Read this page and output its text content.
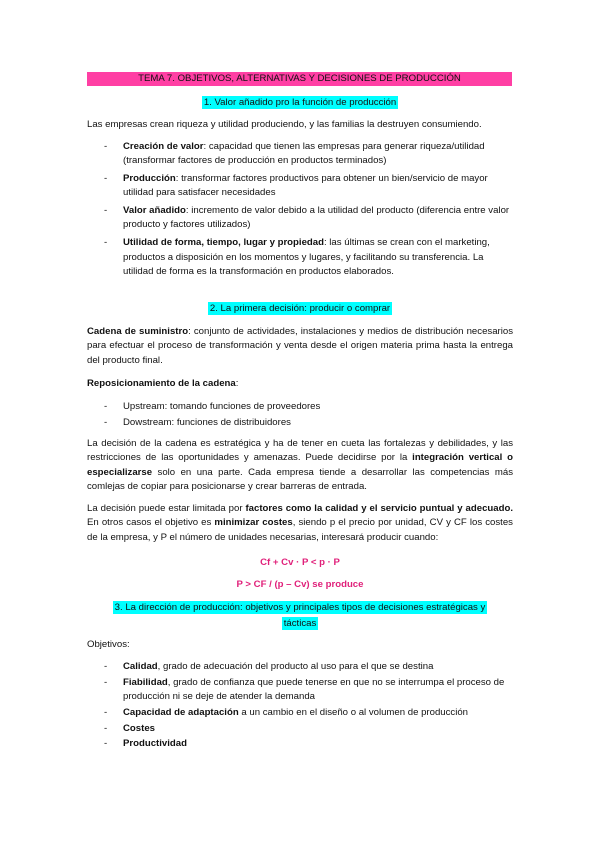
TEMA 7. OBJETIVOS, ALTERNATIVAS Y DECISIONES DE PRODUCCIÓN
1. Valor añadido pro la función de producción
Las empresas crean riqueza y utilidad produciendo, y las familias la destruyen consumiendo.
- Creación de valor: capacidad que tienen las empresas para generar riqueza/utilidad (transformar factores de producción en productos terminados)
- Producción: transformar factores productivos para obtener un bien/servicio de mayor utilidad para satisfacer necesidades
- Valor añadido: incremento de valor debido a la utilidad del producto (diferencia entre valor producto y factores utilizados)
- Utilidad de forma, tiempo, lugar y propiedad: las últimas se crean con el marketing, productos a disposición en los momentos y lugares, y facilitando su transferencia. La utilidad de forma es la transformación en productos elaborados.
2. La primera decisión: producir o comprar
Cadena de suministro: conjunto de actividades, instalaciones y medios de distribución necesarios para efectuar el proceso de transformación y venta desde el origen materia prima hasta la entrega del producto final.
Reposicionamiento de la cadena:
- Upstream: tomando funciones de proveedores
- Dowstream: funciones de distribuidores
La decisión de la cadena es estratégica y ha de tener en cueta las fortalezas y debilidades, y las restricciones de las oportunidades y amenazas. Puede decidirse por la integración vertical o especializarse solo en una parte. Cada empresa tiende a desarrollar las competencias más comlejas de copiar para posicionarse y crear barreras de entrada.
La decisión puede estar limitada por factores como la calidad y el servicio puntual y adecuado. En otros casos el objetivo es minimizar costes, siendo p el precio por unidad, CV y CF los costes de la empresa, y P el número de unidades necesarias, interesará producir cuando:
Cf + Cv · P < p · P
P > CF / (p – Cv) se produce
3. La dirección de producción: objetivos y principales tipos de decisiones estratégicas y
tácticas
Objetivos:
- Calidad, grado de adecuación del producto al uso para el que se destina
- Fiabilidad, grado de confianza que puede tenerse en que no se interrumpa el proceso de producción ni se deje de atender la demanda
- Capacidad de adaptación a un cambio en el diseño o al volumen de producción
- Costes
- Productividad
